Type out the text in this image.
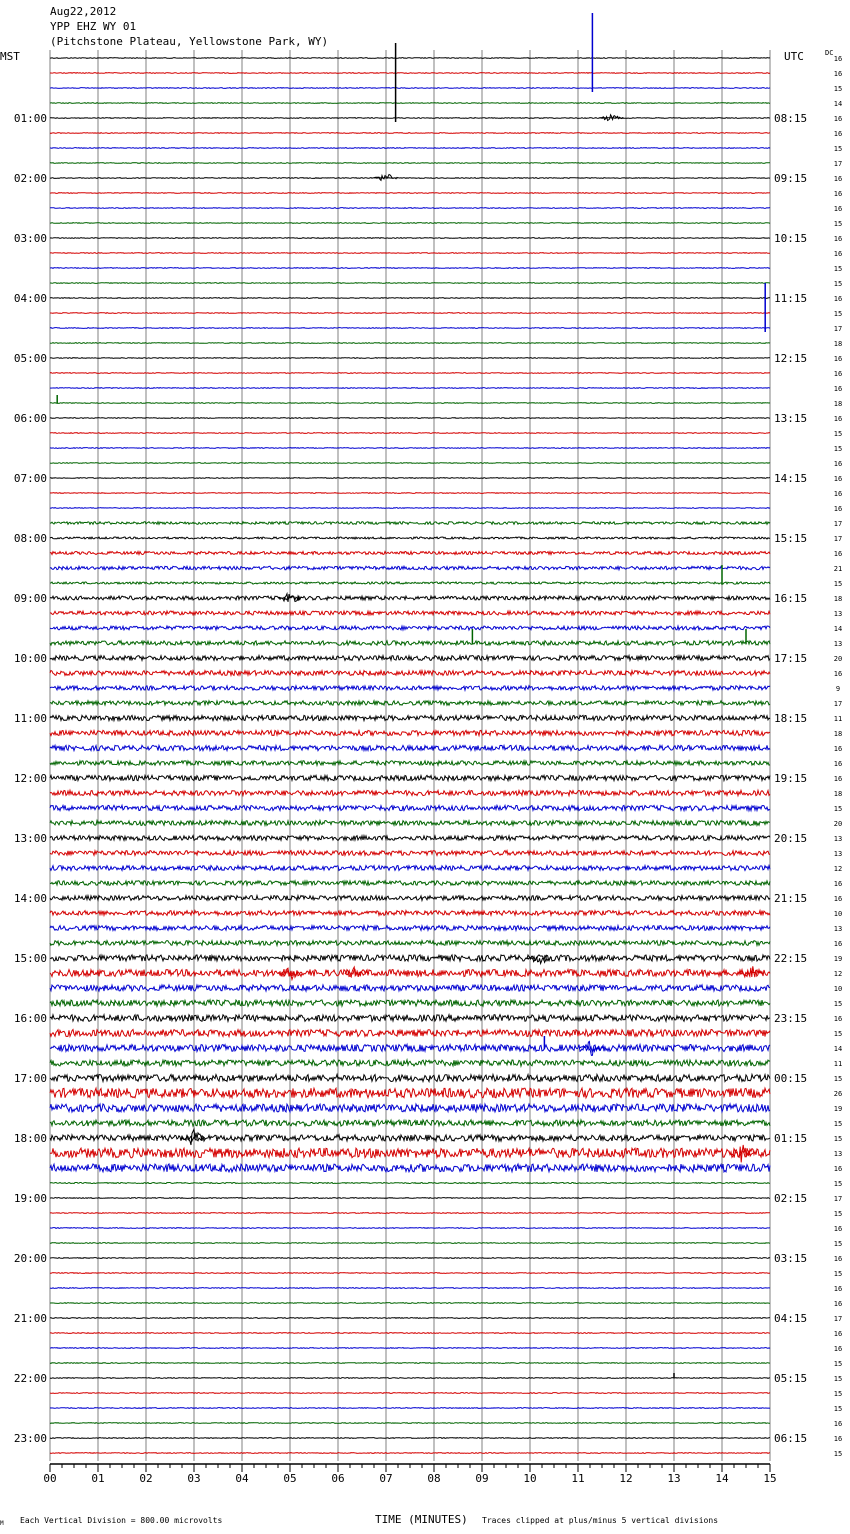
16
16
15
14
16
16
15
17
16
16
16
15
16
16
15
15
16
15
17
18
16
16
16
18
16
15
15
16
16
16
16
17
17
16
21
15
18
13
14
13
20
16
9
17
11
18
16
16
16
18
15
20
13
13
12
16
16
10
13
16
19
12
10
15
16
15
14
11
15
26
19
15
15
13
16
15
17
15
16
15
16
15
16
16
17
16
16
15
15
15
15
16
16
15
01:00
02:00
03:00
04:00
05:00
06:00
07:00
08:00
09:00
10:00
11:00
12:00
13:00
14:00
15:00
16:00
17:00
18:00
19:00
20:00
21:00
22:00
23:00
08:15
09:15
10:15
11:15
12:15
13:15
14:15
15:15
16:15
17:15
18:15
19:15
20:15
21:15
22:15
23:15
00:15
01:15
02:15
03:15
04:15
05:15
06:15
MST	UTC	DC
00	01	02	03	04	05	06	07	08	09	10	11	12	13	14	15
M Each Vertical Division = 800.00 microvolts	TIME (MINUTES) Traces clipped at plus/minus 5 vertical divisions
Aug22,2012
YPP EHZ WY 01
(Pitchstone Plateau, Yellowstone Park, WY)
